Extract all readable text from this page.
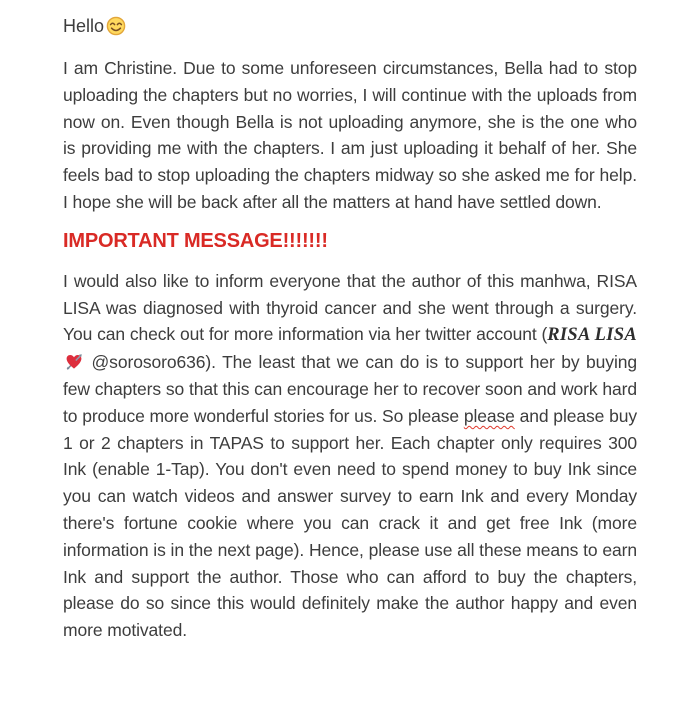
Hello

I am Christine. Due to some unforeseen circumstances, Bella had to stop uploading the chapters but no worries, I will continue with the uploads from now on. Even though Bella is not uploading anymore, she is the one who is providing me with the chapters. I am just uploading it behalf of her. She feels bad to stop uploading the chapters midway so she asked me for help. I hope she will be back after all the matters at hand have settled down.

IMPORTANT MESSAGE!!!!!!!

I would also like to inform everyone that the author of this manhwa, RISA LISA was diagnosed with thyroid cancer and she went through a surgery. You can check out for more information via her twitter account (RISA LISA @sorosoro636). The least that we can do is to support her by buying few chapters so that this can encourage her to recover soon and work hard to produce more wonderful stories for us. So please please and please buy 1 or 2 chapters in TAPAS to support her. Each chapter only requires 300 Ink (enable 1-Tap). You don't even need to spend money to buy Ink since you can watch videos and answer survey to earn Ink and every Monday there's fortune cookie where you can crack it and get free Ink (more information is in the next page). Hence, please use all these means to earn Ink and support the author. Those who can afford to buy the chapters, please do so since this would definitely make the author happy and even more motivated.
